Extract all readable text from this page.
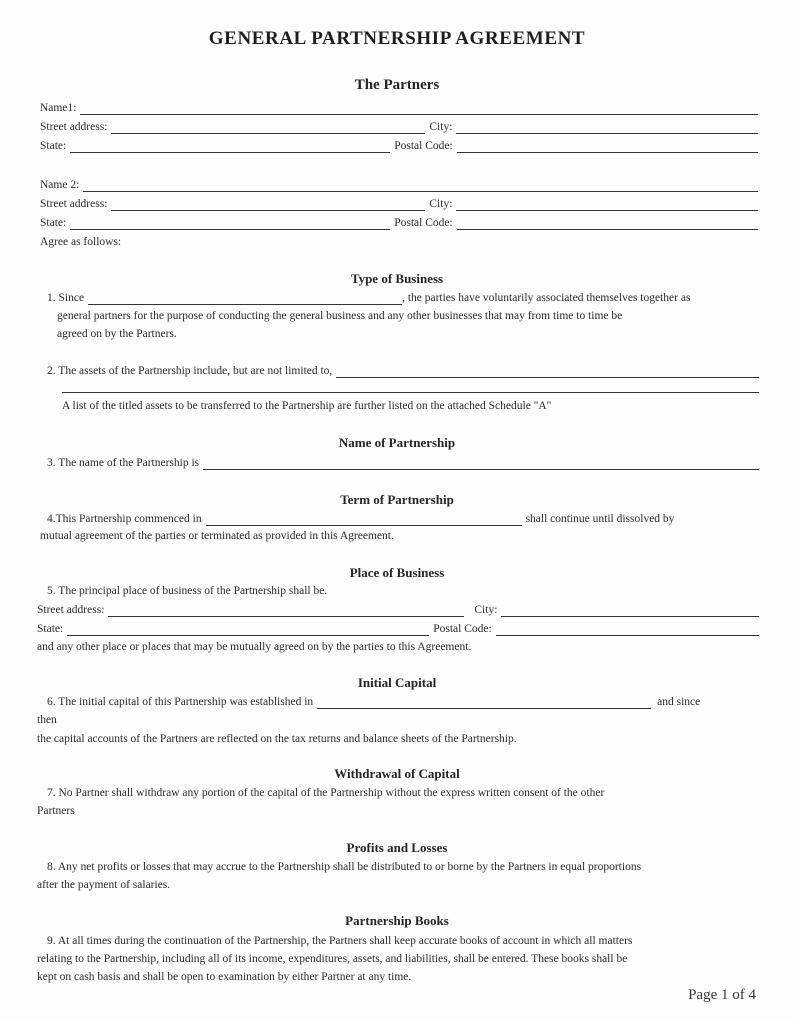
GENERAL PARTNERSHIP AGREEMENT
The Partners
Name1:
Street address:	City:
State:	Postal Code:
Name 2:
Street address:	City:
State:	Postal Code:
Agree as follows:
Type of Business
1. Since	, the parties have voluntarily associated themselves together as
general partners for the purpose of conducting the general business and any other businesses that may from time to time be
agreed on by the Partners.
2. The assets of the Partnership include, but are not limited to,
A list of the titled assets to be transferred to the Partnership are further listed on the attached Schedule "A"
Name of Partnership
3. The name of the Partnership is
Term of Partnership
4.This Partnership commenced in	shall continue until dissolved by
mutual agreement of the parties or terminated as provided in this Agreement.
Place of Business
5. The principal place of business of the Partnership shall be.
Street address:	City:
State:	Postal Code:
and any other place or places that may be mutually agreed on by the parties to this Agreement.
Initial Capital
6. The initial capital of this Partnership was established in	and since
then
the capital accounts of the Partners are reflected on the tax returns and balance sheets of the Partnership.
Withdrawal of Capital
7. No Partner shall withdraw any portion of the capital of the Partnership without the express written consent of the other
Partners
Profits and Losses
8. Any net profits or losses that may accrue to the Partnership shall be distributed to or borne by the Partners in equal proportions
after the payment of salaries.
Partnership Books
9. At all times during the continuation of the Partnership, the Partners shall keep accurate books of account in which all matters
relating to the Partnership, including all of its income, expenditures, assets, and liabilities, shall be entered. These books shall be
kept on cash basis and shall be open to examination by either Partner at any time.
Page 1 of 4
